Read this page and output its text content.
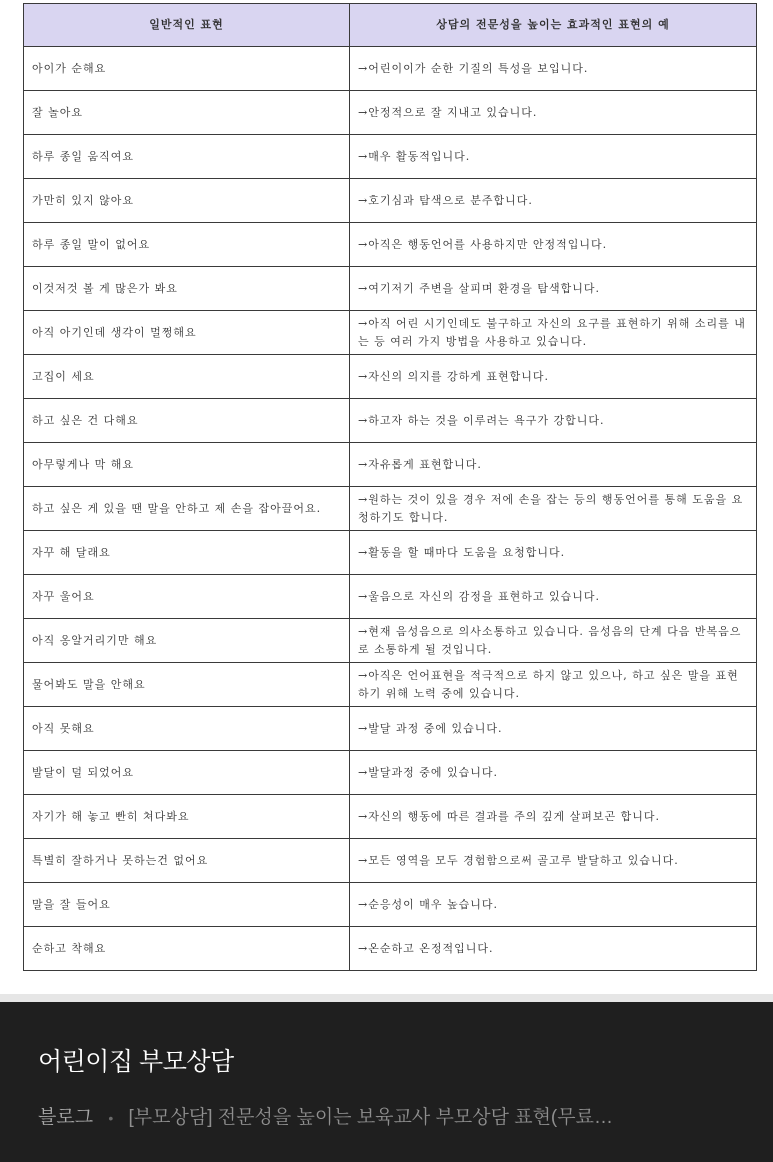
일반적인 표현	상담의 전문성을 높이는 효과적인 표현의 예
아이가 순해요	→어린이이가 순한 기질의 특성을 보입니다.
잘 놀아요	→안정적으로 잘 지내고 있습니다.
하루 종일 움직여요	→매우 활동적입니다.
가만히 있지 않아요	→호기심과 탐색으로 분주합니다.
하루 종일 말이 없어요	→아직은 행동언어를 사용하지만 안정적입니다.
이것저것 볼 게 많은가 봐요	→여기저기 주변을 살피며 환경을 탐색합니다.
아직 아기인데 생각이 멀쩡해요	→아직 어린 시기인데도 불구하고 자신의 요구를 표현하기 위해 소리를 내는 등 여러 가지 방법을 사용하고 있습니다.
고집이 세요	→자신의 의지를 강하게 표현합니다.
하고 싶은 건 다해요	→하고자 하는 것을 이루려는 욕구가 강합니다.
아무렇게나 막 해요	→자유롭게 표현합니다.
하고 싶은 게 있을 땐 말을 안하고 제 손을 잡아끌어요.	→원하는 것이 있을 경우 저에 손을 잡는 등의 행동언어를 통해 도움을 요청하기도 합니다.
자꾸 해 달래요	→활동을 할 때마다 도움을 요청합니다.
자꾸 울어요	→울음으로 자신의 감정을 표현하고 있습니다.
아직 옹알거리기만 해요	→현재 음성음으로 의사소통하고 있습니다. 음성음의 단계 다음 반복음으로 소통하게 될 것입니다.
물어봐도 말을 안해요	→아직은 언어표현을 적극적으로 하지 않고 있으나, 하고 싶은 말을 표현하기 위해 노력 중에 있습니다.
아직 못해요	→발달 과정 중에 있습니다.
발달이 덜 되었어요	→발달과정 중에 있습니다.
자기가 해 놓고 빤히 쳐다봐요	→자신의 행동에 따른 결과를 주의 깊게 살펴보곤 합니다.
특별히 잘하거나 못하는건 없어요	→모든 영역을 모두 경험함으로써 골고루 발달하고 있습니다.
말을 잘 들어요	→순응성이 매우 높습니다.
순하고 착해요	→온순하고 온정적입니다.
어린이집 부모상담
블로그 • [부모상담] 전문성을 높이는 보육교사 부모상담 표현(무료…
